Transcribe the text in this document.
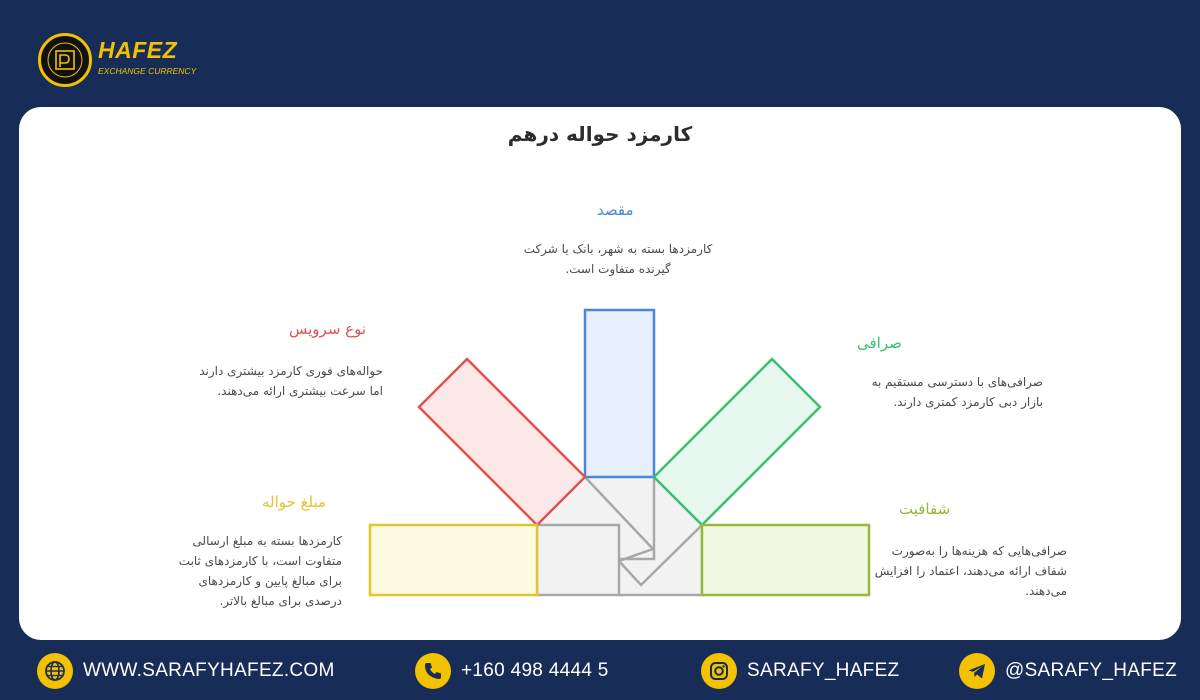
HAFEZ
EXCHANGE CURRENCY
کارمزد حواله درهم
مقصد
کارمزدها بسته به شهر، بانک یا شرکت گیرنده متفاوت است.
صرافی
صرافی‌های با دسترسی مستقیم به بازار دبی کارمزد کمتری دارند.
شفافیت
صرافی‌هایی که هزینه‌ها را به‌صورت شفاف ارائه می‌دهند، اعتماد را افزایش می‌دهند.
نوع سرویس
حواله‌های فوری کارمزد بیشتری دارند اما سرعت بیشتری ارائه می‌دهند.
مبلغ حواله
کارمزدها بسته به مبلغ ارسالی متفاوت است، با کارمزدهای ثابت برای مبالغ پایین و کارمزدهای درصدی برای مبالغ بالاتر.
WWW.SARAFYHAFEZ.COM	+160 498 4444 5	SARAFY_HAFEZ	@SARAFY_HAFEZ
